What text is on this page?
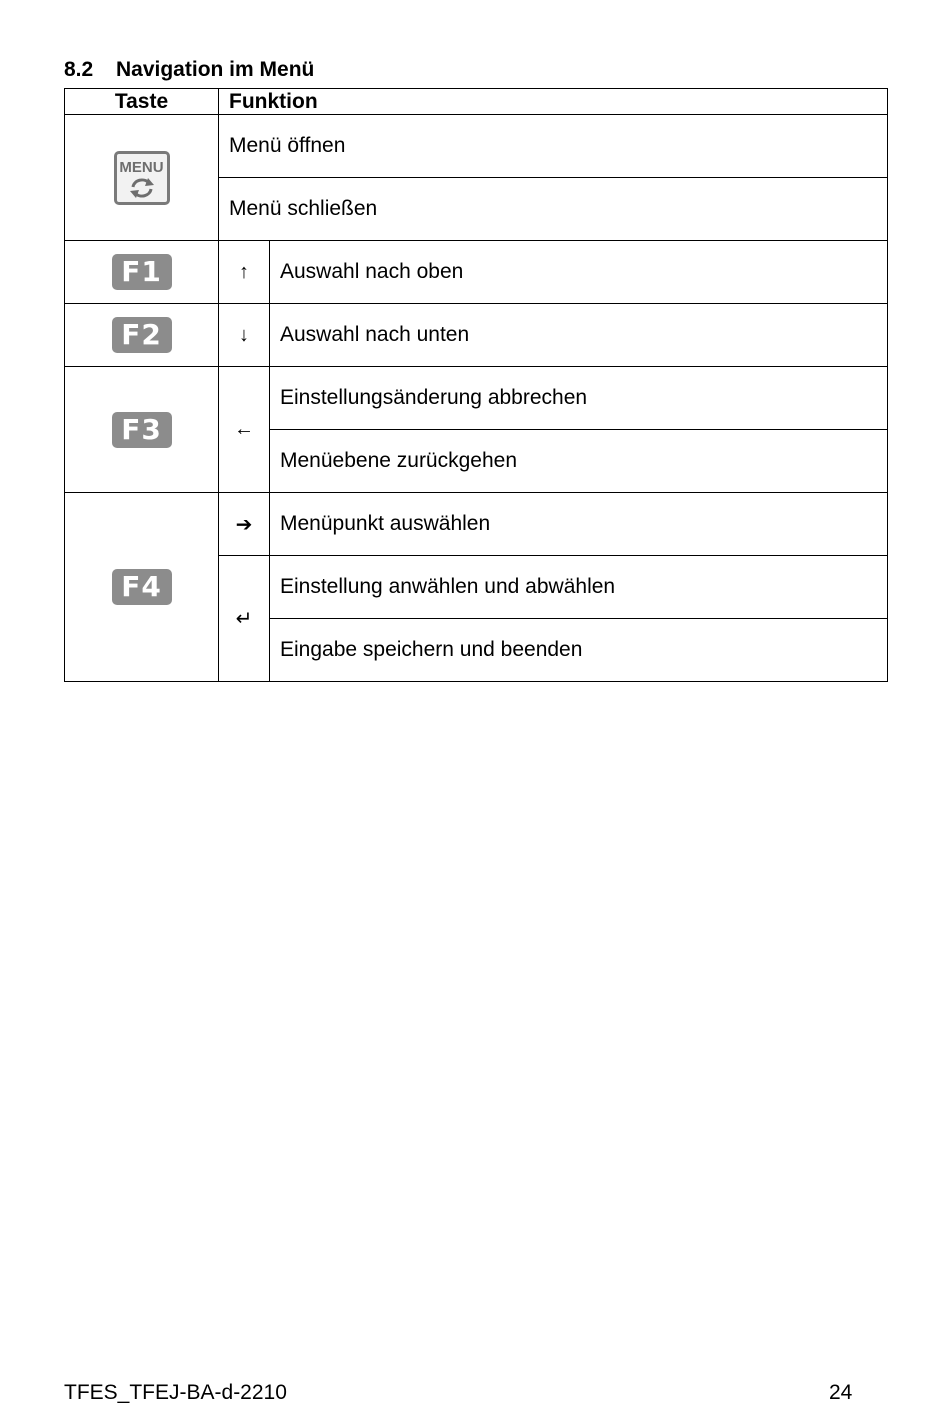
8.2 Navigation im Menü
Taste	Funktion	

MENU	Menü öffnen	
	Menü schließen	
F1	↑	Auswahl nach oben
F2	↓	Auswahl nach unten
F3	←	Einstellungsänderung abbrechen
		Menüebene zurückgehen
F4	➔	Menüpunkt auswählen
	↵	Einstellung anwählen und abwählen
		Eingabe speichern und beenden
TFES_TFEJ-BA-d-2210	24
